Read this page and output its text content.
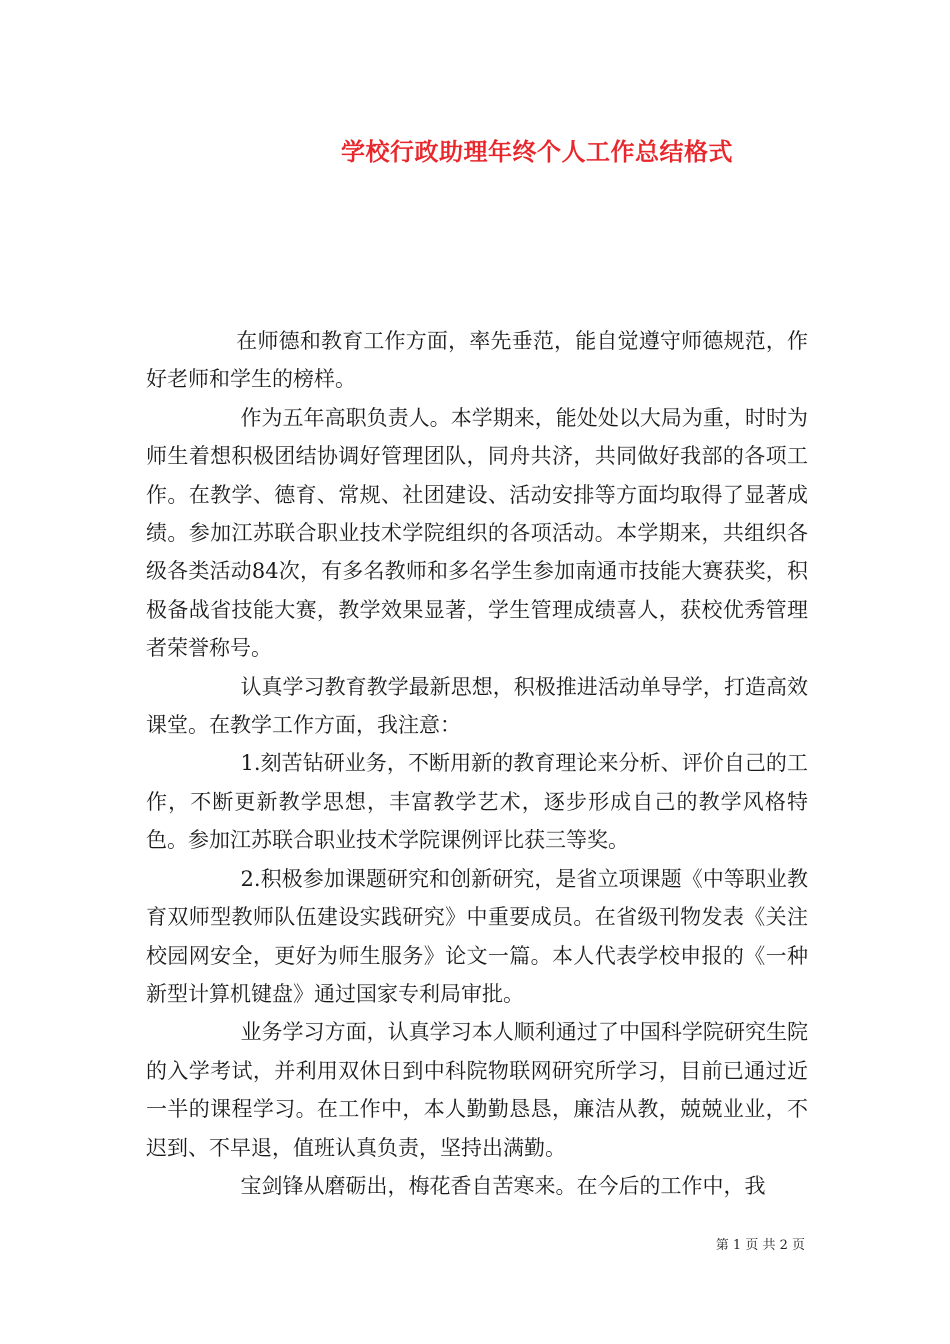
学校行政助理年终个人工作总结格式

在师德和教育工作方面，率先垂范，能自觉遵守师德规范，作好老师和学生的榜样。

作为五年高职负责人。本学期来，能处处以大局为重，时时为师生着想积极团结协调好管理团队，同舟共济，共同做好我部的各项工作。在教学、德育、常规、社团建设、活动安排等方面均取得了显著成绩。参加江苏联合职业技术学院组织的各项活动。本学期来，共组织各级各类活动84次，有多名教师和多名学生参加南通市技能大赛获奖，积极备战省技能大赛，教学效果显著，学生管理成绩喜人，获校优秀管理者荣誉称号。

认真学习教育教学最新思想，积极推进活动单导学，打造高效课堂。在教学工作方面，我注意：

1.刻苦钻研业务，不断用新的教育理论来分析、评价自己的工作，不断更新教学思想，丰富教学艺术，逐步形成自己的教学风格特色。参加江苏联合职业技术学院课例评比获三等奖。

2.积极参加课题研究和创新研究，是省立项课题《中等职业教育双师型教师队伍建设实践研究》中重要成员。在省级刊物发表《关注校园网安全，更好为师生服务》论文一篇。本人代表学校申报的《一种新型计算机键盘》通过国家专利局审批。

业务学习方面，认真学习本人顺利通过了中国科学院研究生院的入学考试，并利用双休日到中科院物联网研究所学习，目前已通过近一半的课程学习。在工作中，本人勤勤恳恳，廉洁从教，兢兢业业，不迟到、不早退，值班认真负责，坚持出满勤。

宝剑锋从磨砺出，梅花香自苦寒来。在今后的工作中，我

第 1 页 共 2 页
